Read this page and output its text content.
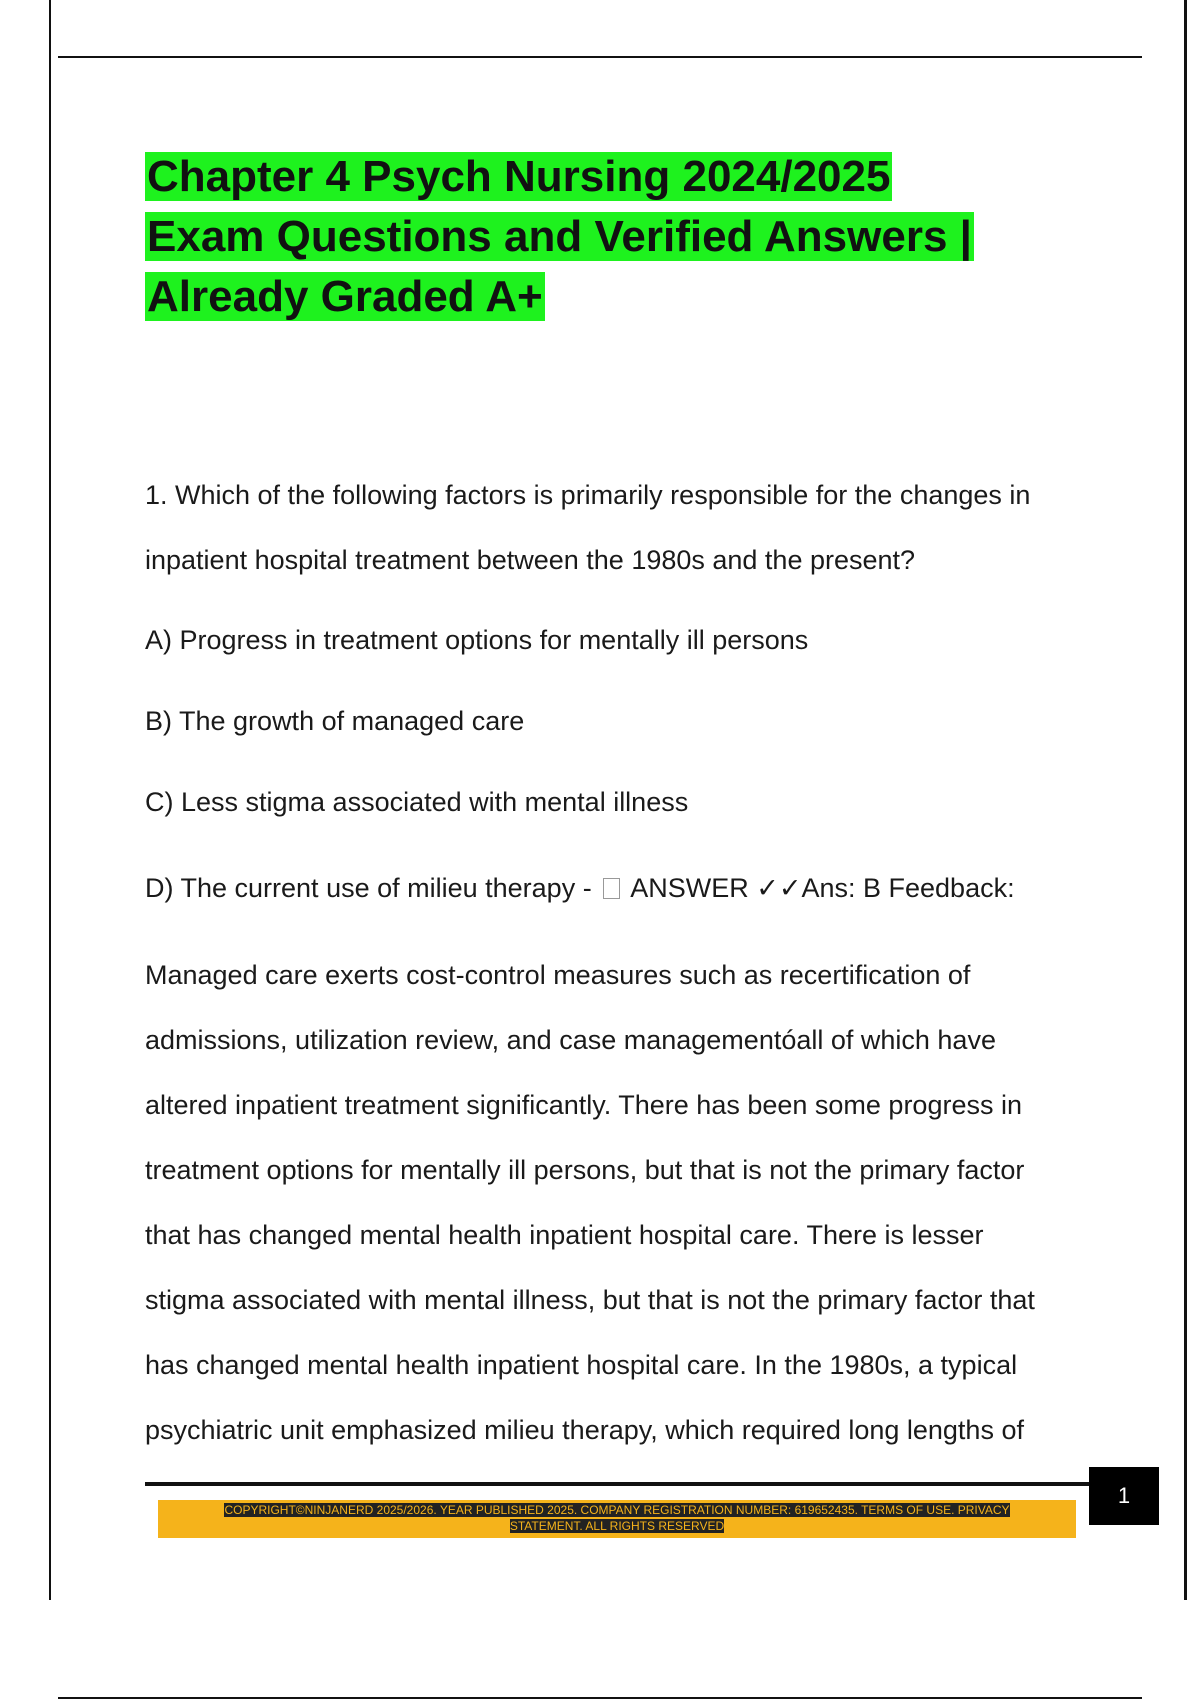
Chapter 4 Psych Nursing 2024/2025
Exam Questions and Verified Answers |
Already Graded A+
1. Which of the following factors is primarily responsible for the changes in
inpatient hospital treatment between the 1980s and the present?
A) Progress in treatment options for mentally ill persons
B) The growth of managed care
C) Less stigma associated with mental illness
D) The current use of milieu therapy - ANSWER ✓✓Ans: B Feedback:
Managed care exerts cost-control measures such as recertification of
admissions, utilization review, and case managementóall of which have
altered inpatient treatment significantly. There has been some progress in
treatment options for mentally ill persons, but that is not the primary factor
that has changed mental health inpatient hospital care. There is lesser
stigma associated with mental illness, but that is not the primary factor that
has changed mental health inpatient hospital care. In the 1980s, a typical
psychiatric unit emphasized milieu therapy, which required long lengths of
1
COPYRIGHT©NINJANERD 2025/2026. YEAR PUBLISHED 2025. COMPANY REGISTRATION NUMBER: 619652435. TERMS OF USE. PRIVACY
STATEMENT. ALL RIGHTS RESERVED
